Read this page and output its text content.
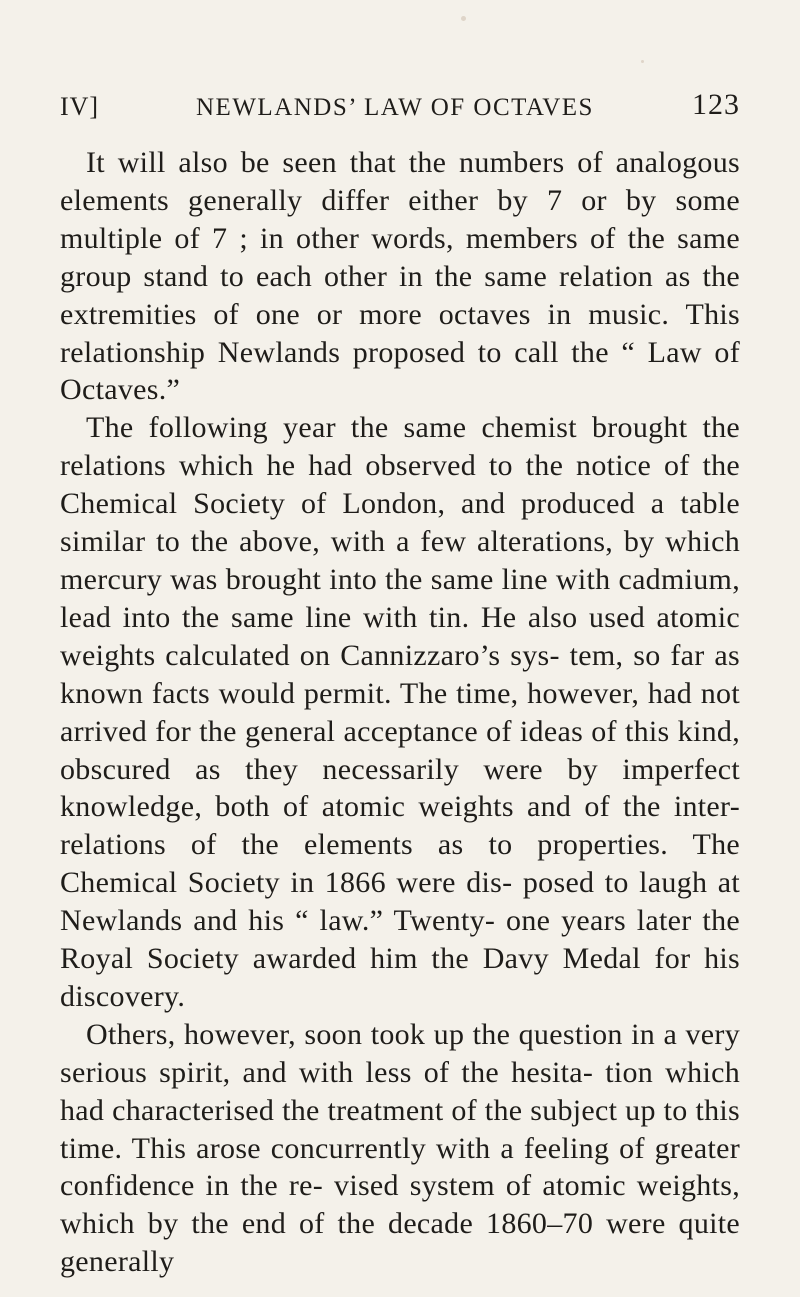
IV]	NEWLANDS’ LAW OF OCTAVES	123

It will also be seen that the numbers of analogous elements generally differ either by 7 or by some multiple of 7 ; in other words, members of the same group stand to each other in the same relation as the extremities of one or more octaves in music. This relationship Newlands proposed to call the “ Law of Octaves.”

The following year the same chemist brought the relations which he had observed to the notice of the Chemical Society of London, and produced a table similar to the above, with a few alterations, by which mercury was brought into the same line with cadmium, lead into the same line with tin. He also used atomic weights calculated on Cannizzaro’s sys- tem, so far as known facts would permit. The time, however, had not arrived for the general acceptance of ideas of this kind, obscured as they necessarily were by imperfect knowledge, both of atomic weights and of the inter-relations of the elements as to properties. The Chemical Society in 1866 were dis- posed to laugh at Newlands and his “ law.” Twenty- one years later the Royal Society awarded him the Davy Medal for his discovery.

Others, however, soon took up the question in a very serious spirit, and with less of the hesita- tion which had characterised the treatment of the subject up to this time. This arose concurrently with a feeling of greater confidence in the re- vised system of atomic weights, which by the end of the decade 1860–70 were quite generally
